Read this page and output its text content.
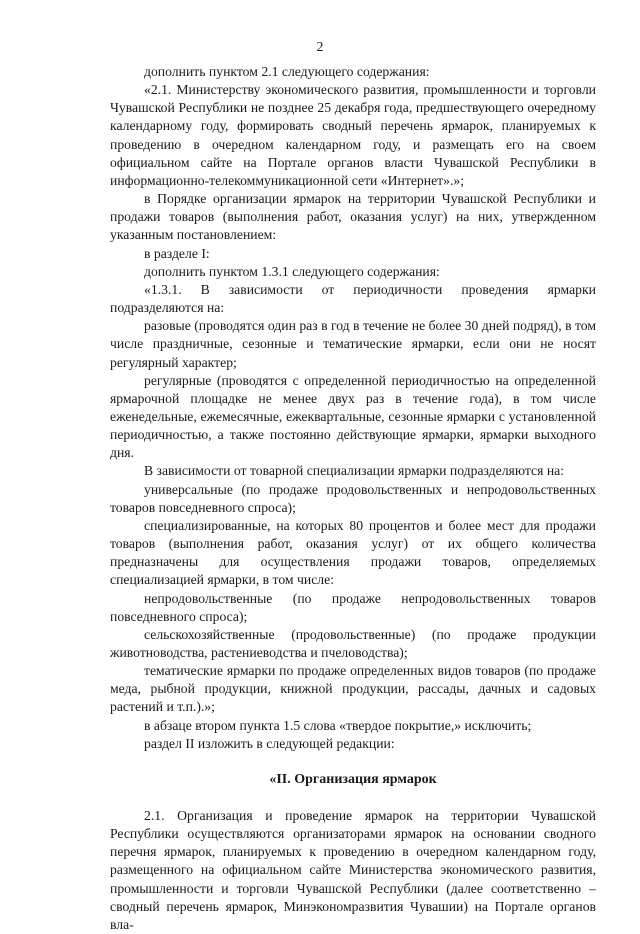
2

дополнить пунктом 2.1 следующего содержания:

«2.1. Министерству экономического развития, промышленности и торговли Чувашской Республики не позднее 25 декабря года, предшествующего очередному календарному году, формировать сводный перечень ярмарок, планируемых к проведению в очередном календарном году, и размещать его на своем официальном сайте на Портале органов власти Чувашской Республики в информационно-телекоммуникационной сети «Интернет».»;

в Порядке организации ярмарок на территории Чувашской Республики и продажи товаров (выполнения работ, оказания услуг) на них, утвержденном указанным постановлением:

в разделе I:

дополнить пунктом 1.3.1 следующего содержания:

«1.3.1. В зависимости от периодичности проведения ярмарки подразделяются на:

разовые (проводятся один раз в год в течение не более 30 дней подряд), в том числе праздничные, сезонные и тематические ярмарки, если они не носят регулярный характер;

регулярные (проводятся с определенной периодичностью на определенной ярмарочной площадке не менее двух раз в течение года), в том числе еженедельные, ежемесячные, ежеквартальные, сезонные ярмарки с установленной периодичностью, а также постоянно действующие ярмарки, ярмарки выходного дня.

В зависимости от товарной специализации ярмарки подразделяются на:

универсальные (по продаже продовольственных и непродовольственных товаров повседневного спроса);

специализированные, на которых 80 процентов и более мест для продажи товаров (выполнения работ, оказания услуг) от их общего количества предназначены для осуществления продажи товаров, определяемых специализацией ярмарки, в том числе:

непродовольственные (по продаже непродовольственных товаров повседневного спроса);

сельскохозяйственные (продовольственные) (по продаже продукции животноводства, растениеводства и пчеловодства);

тематические ярмарки по продаже определенных видов товаров (по продаже меда, рыбной продукции, книжной продукции, рассады, дачных и садовых растений и т.п.).»;

в абзаце втором пункта 1.5 слова «твердое покрытие,» исключить;

раздел II изложить в следующей редакции:

«II. Организация ярмарок

2.1. Организация и проведение ярмарок на территории Чувашской Республики осуществляются организаторами ярмарок на основании сводного перечня ярмарок, планируемых к проведению в очередном календарном году, размещенного на официальном сайте Министерства экономического развития, промышленности и торговли Чувашской Республики (далее соответственно – сводный перечень ярмарок, Минэкономразвития Чувашии) на Портале органов вла-
